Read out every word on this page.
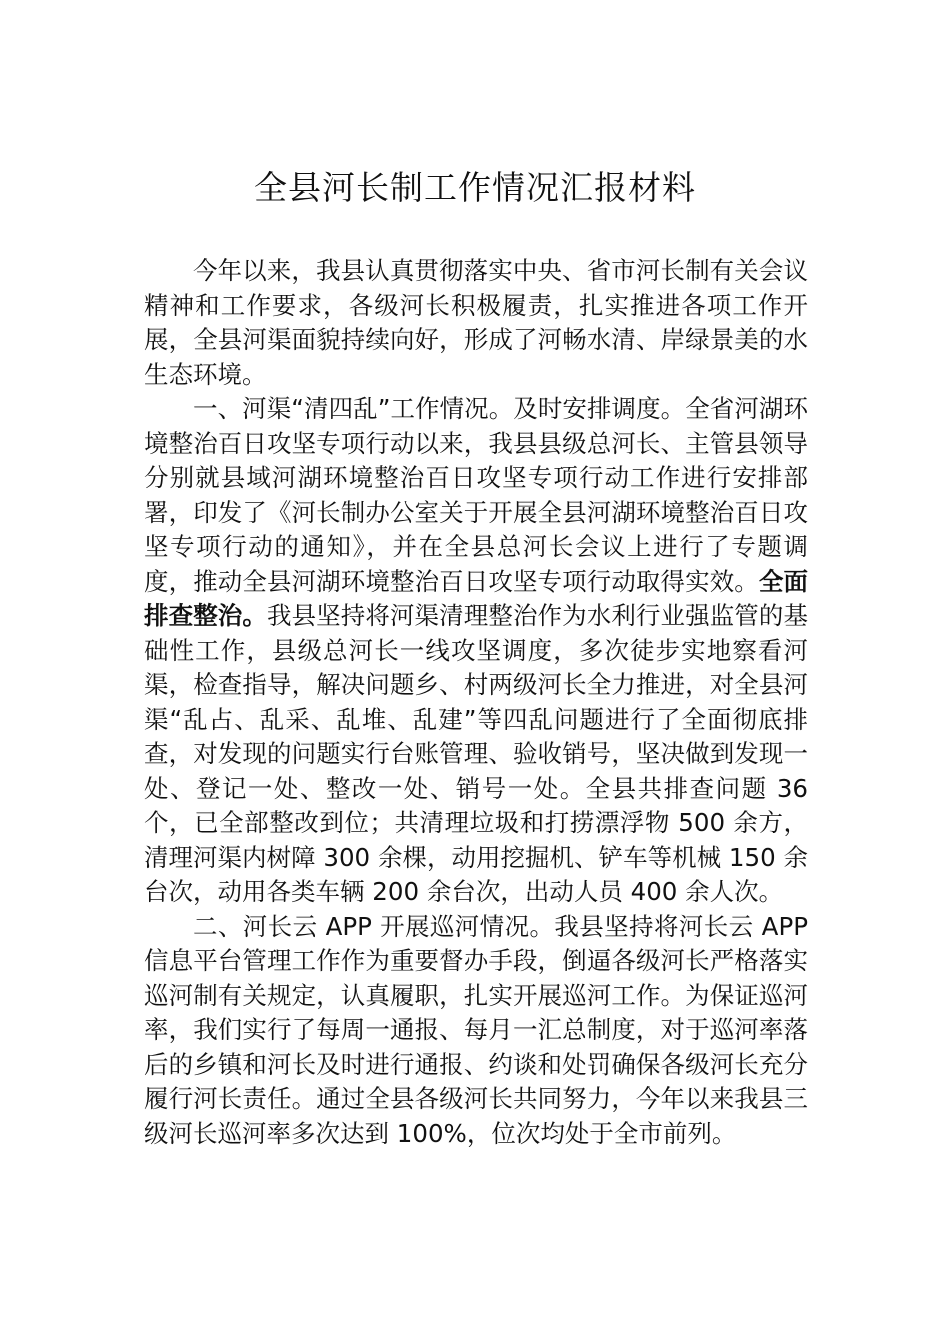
全县河长制工作情况汇报材料

今年以来，我县认真贯彻落实中央、省市河长制有关会议精神和工作要求，各级河长积极履责，扎实推进各项工作开展，全县河渠面貌持续向好，形成了河畅水清、岸绿景美的水生态环境。

一、河渠“清四乱”工作情况。及时安排调度。全省河湖环境整治百日攻坚专项行动以来，我县县级总河长、主管县领导分别就县域河湖环境整治百日攻坚专项行动工作进行安排部署，印发了《河长制办公室关于开展全县河湖环境整治百日攻坚专项行动的通知》，并在全县总河长会议上进行了专题调度，推动全县河湖环境整治百日攻坚专项行动取得实效。全面排查整治。我县坚持将河渠清理整治作为水利行业强监管的基础性工作，县级总河长一线攻坚调度，多次徒步实地察看河渠，检查指导，解决问题乡、村两级河长全力推进，对全县河渠“乱占、乱采、乱堆、乱建”等四乱问题进行了全面彻底排查，对发现的问题实行台账管理、验收销号，坚决做到发现一处、登记一处、整改一处、销号一处。全县共排查问题 36 个，已全部整改到位；共清理垃圾和打捞漂浮物 500 余方，清理河渠内树障 300 余棵，动用挖掘机、铲车等机械 150 余台次，动用各类车辆 200 余台次，出动人员 400 余人次。

二、河长云 APP 开展巡河情况。我县坚持将河长云 APP 信息平台管理工作作为重要督办手段，倒逼各级河长严格落实巡河制有关规定，认真履职，扎实开展巡河工作。为保证巡河率，我们实行了每周一通报、每月一汇总制度，对于巡河率落后的乡镇和河长及时进行通报、约谈和处罚确保各级河长充分履行河长责任。通过全县各级河长共同努力，今年以来我县三级河长巡河率多次达到 100%，位次均处于全市前列。
